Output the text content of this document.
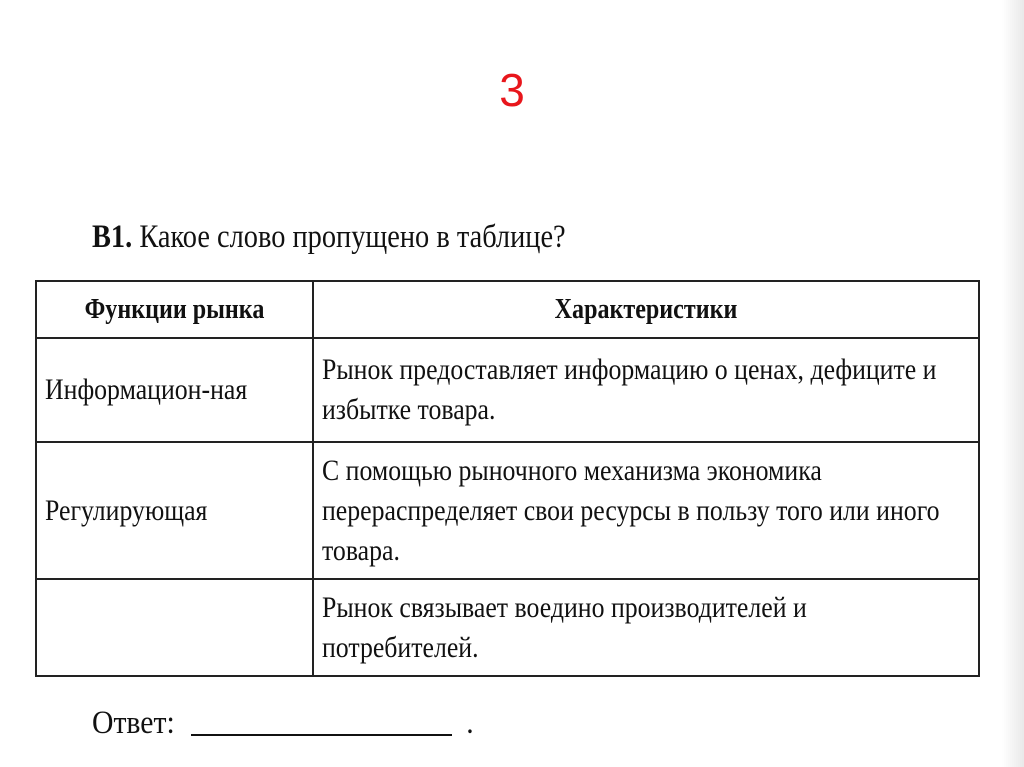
3
B1. Какое слово пропущено в таблице?
Функции рынка	Характеристики

Информацион-ная	Рынок предоставляет информацию о ценах, дефиците и избытке товара.

Регулирующая	С помощью рыночного механизма экономика перераспределяет свои ресурсы в пользу того или иного товара.

	Рынок связывает воедино производителей и потребителей.
Ответ:	.
